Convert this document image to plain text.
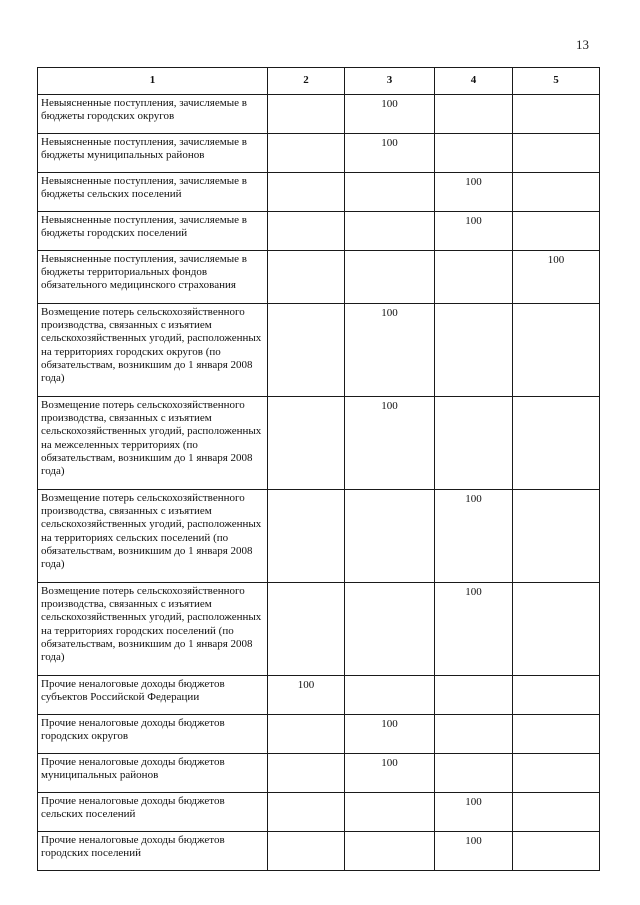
13
1	2	3	4	5
Невыясненные поступления, зачисляемые в бюджеты городских округов		100		
Невыясненные поступления, зачисляемые в бюджеты муниципальных районов		100		
Невыясненные поступления, зачисляемые в бюджеты сельских поселений			100	
Невыясненные поступления, зачисляемые в бюджеты городских поселений			100	
Невыясненные поступления, зачисляемые в бюджеты территориальных фондов обязательного медицинского страхования				100
Возмещение потерь сельскохозяйственного производства, связанных с изъятием сельскохозяйственных угодий, расположенных на территориях городских округов (по обязательствам, возникшим до 1 января 2008 года)		100		
Возмещение потерь сельскохозяйственного производства, связанных с изъятием сельскохозяйственных угодий, расположенных на межселенных территориях (по обязательствам, возникшим до 1 января 2008 года)		100		
Возмещение потерь сельскохозяйственного производства, связанных с изъятием сельскохозяйственных угодий, расположенных на территориях сельских поселений (по обязательствам, возникшим до 1 января 2008 года)			100	
Возмещение потерь сельскохозяйственного производства, связанных с изъятием сельскохозяйственных угодий, расположенных на территориях городских поселений (по обязательствам, возникшим до 1 января 2008 года)			100	
Прочие неналоговые доходы бюджетов субъектов Российской Федерации	100			
Прочие неналоговые доходы бюджетов городских округов		100		
Прочие неналоговые доходы бюджетов муниципальных районов		100		
Прочие неналоговые доходы бюджетов сельских поселений			100	
Прочие неналоговые доходы бюджетов городских поселений			100	
